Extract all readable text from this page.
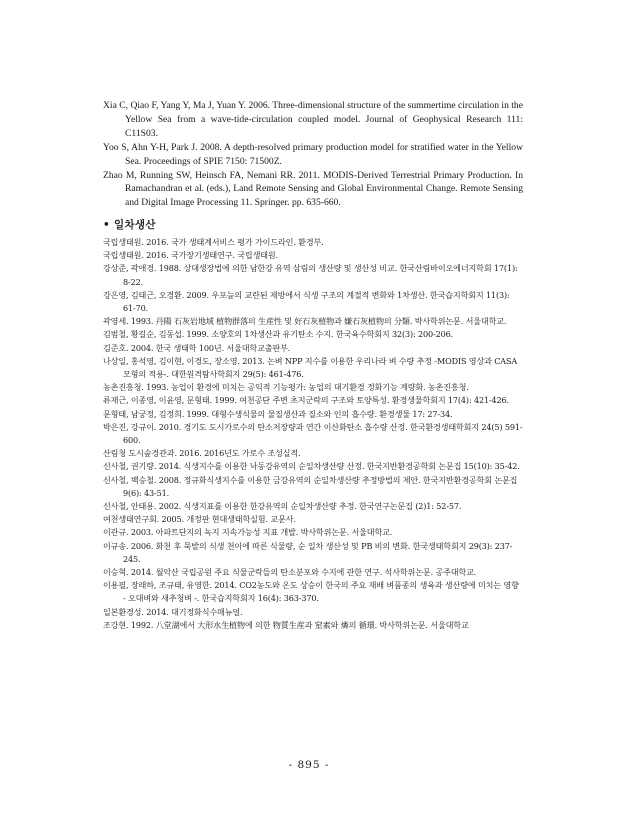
Xia C, Qiao F, Yang Y, Ma J, Yuan Y. 2006. Three-dimensional structure of the summertime circulation in the Yellow Sea from a wave-tide-circulation coupled model. Journal of Geophysical Research 111: C11S03.

Yoo S, Ahn Y-H, Park J. 2008. A depth-resolved primary production model for stratified water in the Yellow Sea. Proceedings of SPIE 7150: 71500Z.

Zhao M, Running SW, Heinsch FA, Nemani RR. 2011. MODIS-Derived Terrestrial Primary Production. In Ramachandran et al. (eds.), Land Remote Sensing and Global Environmental Change. Remote Sensing and Digital Image Processing 11. Springer. pp. 635-660.

• 일차생산

국립생태원. 2016. 국가 생태계서비스 평가 가이드라인. 환경부.

국립생태원. 2016. 국가장기생태연구. 국립생태원.

강상준, 곽애경. 1988. 상대생장법에 의한 남한강 유역 삼림의 생산량 및 생산성 비교. 한국산림바이오에너지학회 17(1): 8-22.

강은영, 김태근, 오경환. 2009. 우포늪의 교란된 제방에서 식생 구조의 계절적 변화와 1차생산. 한국습지학회지 11(3): 61-70.

곽영세. 1993. 丹陽 石灰岩地域 植物群落의 生産性 및 好石灰植物과 嫌石灰植物의 分類. 박사학위논문. 서울대학교.

김범철, 황길순, 김동섭. 1999. 소양호의 1차생산과 유기탄소 수지. 한국육수학회지 32(3): 200-206.

김준호. 2004. 한국 생태학 100년. 서울대학교출판부.

나상일, 홍석영, 김이현, 이경도, 장소영. 2013. 논벼 NPP 지수를 이용한 우리나라 벼 수량 추정 -MODIS 영상과 CASA 모형의 적용-. 대한원격탐사학회지 29(5): 461-476.

농촌진흥청. 1993. 농업이 환경에 미치는 공익적 기능평가: 농업의 대기환경 정화기능 계량화. 농촌진흥청.

류재근, 이종영, 이윤영, 문형태. 1999. 여천공단 주변 초지군락의 구조와 토양특성. 환경생물학회지 17(4): 421-426.

문형태, 남궁정, 김정희. 1999. 대형수생식물의 물질생산과 질소와 인의 흡수량. 환경생물 17: 27-34.

박은진, 강규이. 2010. 경기도 도시가로수의 탄소저장량과 연간 이산화탄소 흡수량 산정. 한국환경생태학회지 24(5) 591-600.

산림청 도시숲경관과. 2016. 2016년도 가로수 조성실적.

신사철, 권기량. 2014. 식생지수를 이용한 낙동강유역의 순일차생산량 산정. 한국지반환경공학회 논문집 15(10): 35-42.

신사철, 백승철. 2008. 정규화식생지수를 이용한 금강유역의 순일차생산량 추정방법의 제안. 한국지반환경공학회 논문집 9(6): 43-51.

신사철, 안태용. 2002. 식생지표를 이용한 한강유역의 순일차생산량 추정. 한국연구논문집 (2)1: 52-57.

여천생태연구회. 2005. 개정판 현대생태학실험. 교문사.

이관규. 2003. 아파트단지의 녹지 지속가능성 지표 개발. 박사학위논문. 서울대학교.

이규송. 2006. 화천 후 묵밭의 식생 천이에 따른 식물량, 순 일차 생산성 및 PB 비의 변화. 한국생태학회지 29(3): 237-245.

이승혁. 2014. 월악산 국립공원 주요 식물군락들의 탄소분포와 수지에 관한 연구. 석사학위논문. 공주대학교.

이용필, 장래하, 조규태, 유영한. 2014. CO2농도와 온도 상승이 한국의 주요 재배 벼품종의 생육과 생산량에 미치는 영향 - 오대벼와 새추청벼 -. 한국습지학회지 16(4): 363-370.

일본환경성. 2014. 대기정화식수매뉴얼.

조강현. 1992. 八堂湖에서 大形水生植物에 의한 物質生産과 窒素와 燐의 循環. 박사학위논문. 서울대학교

- 895 -
